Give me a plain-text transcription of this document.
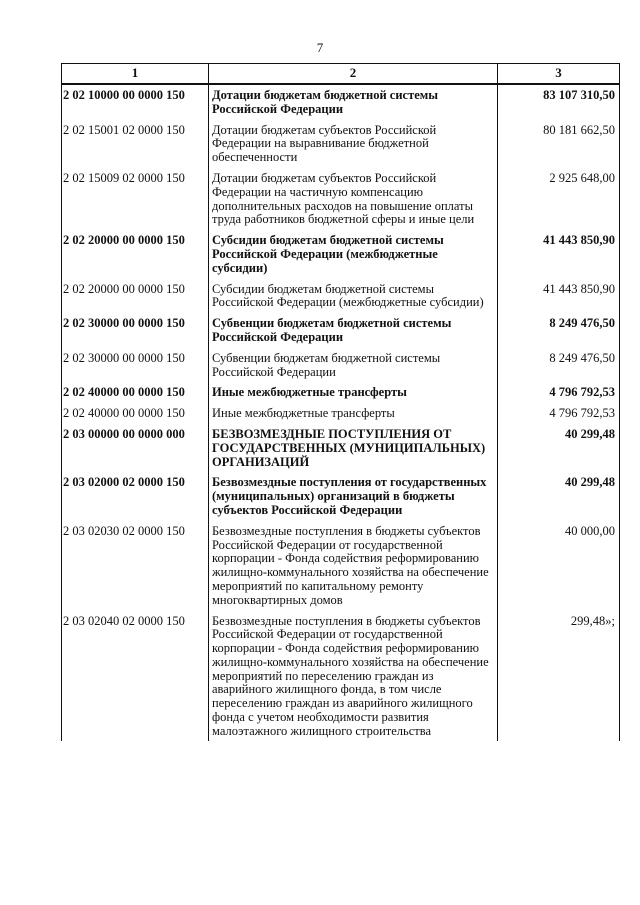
7
1	2	3
2 02 10000 00 0000 150	Дотации бюджетам бюджетной системы Российской Федерации	83 107 310,50
2 02 15001 02 0000 150	Дотации бюджетам субъектов Российской Федерации на выравнивание бюджетной обеспеченности	80 181 662,50
2 02 15009 02 0000 150	Дотации бюджетам субъектов Российской Федерации на частичную компенсацию дополнительных расходов на повышение оплаты труда работников бюджетной сферы и иные цели	2 925 648,00
2 02 20000 00 0000 150	Субсидии бюджетам бюджетной системы Российской Федерации (межбюджетные субсидии)	41 443 850,90
2 02 20000 00 0000 150	Субсидии бюджетам бюджетной системы Российской Федерации (межбюджетные субсидии)	41 443 850,90
2 02 30000 00 0000 150	Субвенции бюджетам бюджетной системы Российской Федерации	8 249 476,50
2 02 30000 00 0000 150	Субвенции бюджетам бюджетной системы Российской Федерации	8 249 476,50
2 02 40000 00 0000 150	Иные межбюджетные трансферты	4 796 792,53
2 02 40000 00 0000 150	Иные межбюджетные трансферты	4 796 792,53
2 03 00000 00 0000 000	БЕЗВОЗМЕЗДНЫЕ ПОСТУПЛЕНИЯ ОТ ГОСУДАРСТВЕННЫХ (МУНИЦИПАЛЬНЫХ) ОРГАНИЗАЦИЙ	40 299,48
2 03 02000 02 0000 150	Безвозмездные поступления от государственных (муниципальных) организаций в бюджеты субъектов Российской Федерации	40 299,48
2 03 02030 02 0000 150	Безвозмездные поступления в бюджеты субъектов Российской Федерации от государственной корпорации - Фонда содействия реформированию жилищно-коммунального хозяйства на обеспечение мероприятий по капитальному ремонту многоквартирных домов	40 000,00
2 03 02040 02 0000 150	Безвозмездные поступления в бюджеты субъектов Российской Федерации от государственной корпорации - Фонда содействия реформированию жилищно-коммунального хозяйства на обеспечение мероприятий по переселению граждан из аварийного жилищного фонда, в том числе переселению граждан из аварийного жилищного фонда с учетом необходимости развития малоэтажного жилищного строительства	299,48»;
